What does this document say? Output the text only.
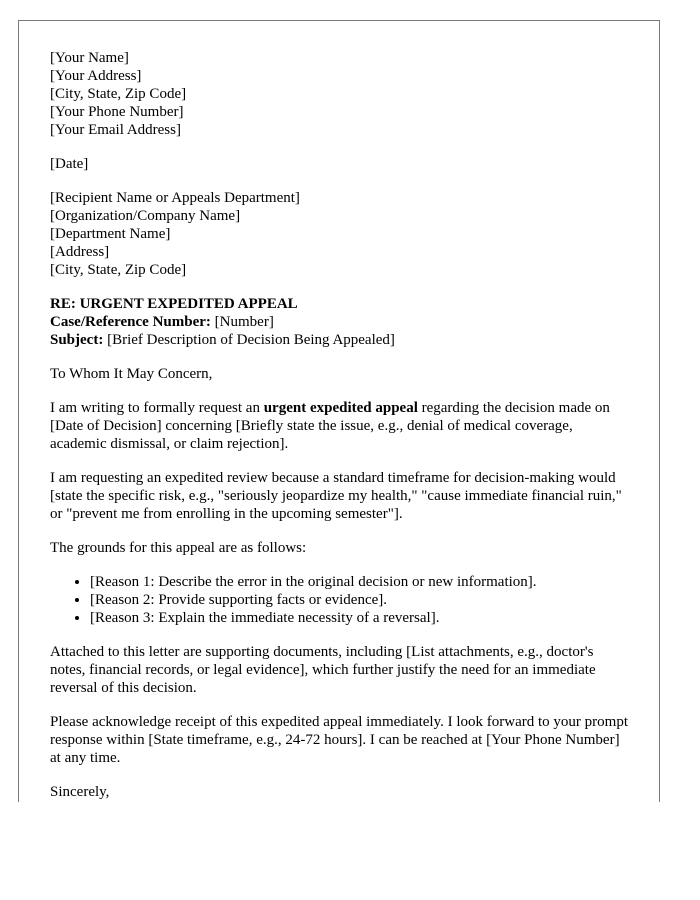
[Your Name]
[Your Address]
[City, State, Zip Code]
[Your Phone Number]
[Your Email Address]
[Date]
[Recipient Name or Appeals Department]
[Organization/Company Name]
[Department Name]
[Address]
[City, State, Zip Code]
RE: URGENT EXPEDITED APPEAL
Case/Reference Number: [Number]
Subject: [Brief Description of Decision Being Appealed]

To Whom It May Concern,

I am writing to formally request an urgent expedited appeal regarding the decision made on [Date of Decision] concerning [Briefly state the issue, e.g., denial of medical coverage, academic dismissal, or claim rejection].

I am requesting an expedited review because a standard timeframe for decision-making would [state the specific risk, e.g., "seriously jeopardize my health," "cause immediate financial ruin," or "prevent me from enrolling in the upcoming semester"].

The grounds for this appeal are as follows:

• [Reason 1: Describe the error in the original decision or new information].
• [Reason 2: Provide supporting facts or evidence].
• [Reason 3: Explain the immediate necessity of a reversal].

Attached to this letter are supporting documents, including [List attachments, e.g., doctor's notes, financial records, or legal evidence], which further justify the need for an immediate reversal of this decision.

Please acknowledge receipt of this expedited appeal immediately. I look forward to your prompt response within [State timeframe, e.g., 24-72 hours]. I can be reached at [Your Phone Number] at any time.

Sincerely,
